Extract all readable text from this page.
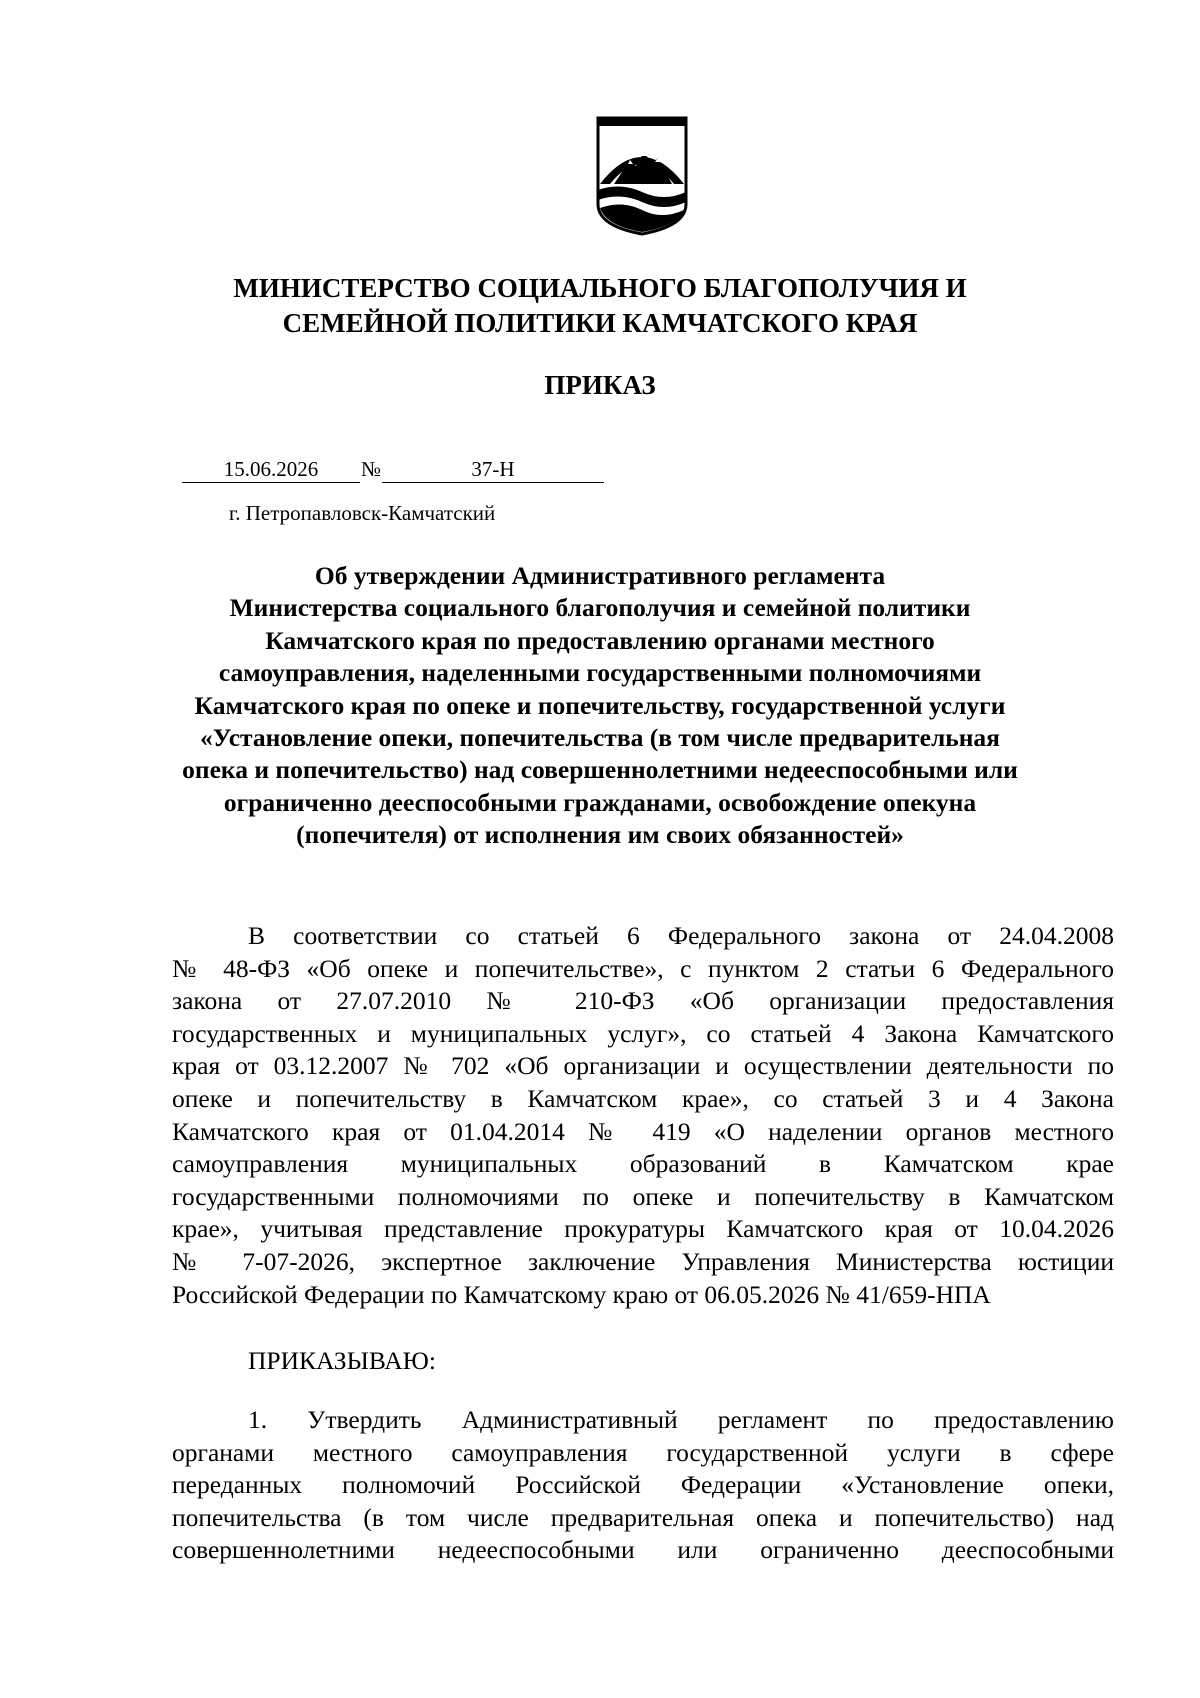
МИНИСТЕРСТВО СОЦИАЛЬНОГО БЛАГОПОЛУЧИЯ И
СЕМЕЙНОЙ ПОЛИТИКИ КАМЧАТСКОГО КРАЯ
ПРИКАЗ
15.06.2026	№	37-Н
г. Петропавловск-Камчатский
Об утверждении Административного регламента
Министерства социального благополучия и семейной политики
Камчатского края по предоставлению органами местного
самоуправления, наделенными государственными полномочиями
Камчатского края по опеке и попечительству, государственной услуги
«Установление опеки, попечительства (в том числе предварительная
опека и попечительство) над совершеннолетними недееспособными или
ограниченно дееспособными гражданами, освобождение опекуна
(попечителя) от исполнения им своих обязанностей»
В соответствии со статьей 6 Федерального закона от 24.04.2008
№ 48-ФЗ «Об опеке и попечительстве», с пунктом 2 статьи 6 Федерального
закона от 27.07.2010 № 210-ФЗ «Об организации предоставления
государственных и муниципальных услуг», со статьей 4 Закона Камчатского
края от 03.12.2007 № 702 «Об организации и осуществлении деятельности по
опеке и попечительству в Камчатском крае», со статьей 3 и 4 Закона
Камчатского края от 01.04.2014 № 419 «О наделении органов местного
самоуправления муниципальных образований в Камчатском крае
государственными полномочиями по опеке и попечительству в Камчатском
крае», учитывая представление прокуратуры Камчатского края от 10.04.2026
№ 7-07-2026, экспертное заключение Управления Министерства юстиции
Российской Федерации по Камчатскому краю от 06.05.2026 № 41/659-НПА
ПРИКАЗЫВАЮ:
1. Утвердить Административный регламент по предоставлению
органами местного самоуправления государственной услуги в сфере
переданных полномочий Российской Федерации «Установление опеки,
попечительства (в том числе предварительная опека и попечительство) над
совершеннолетними недееспособными или ограниченно дееспособными
